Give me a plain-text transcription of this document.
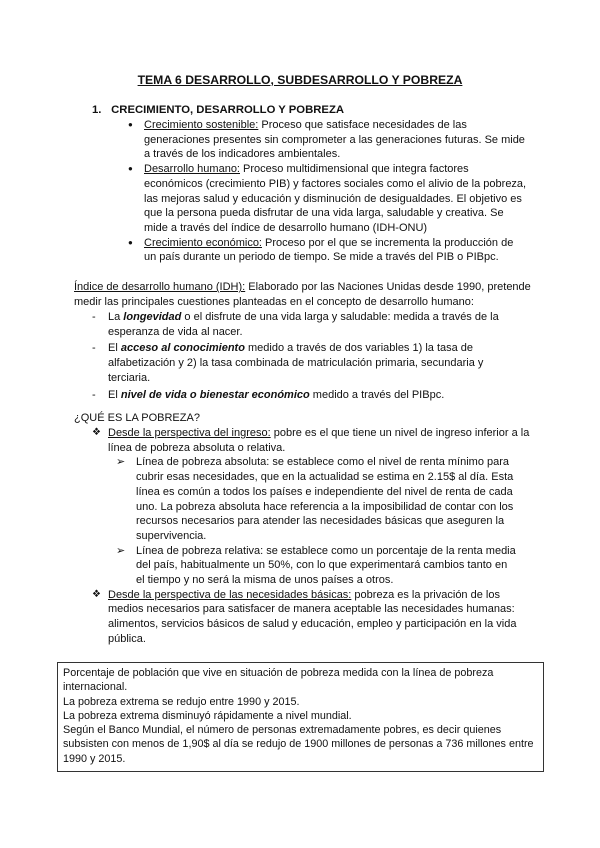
TEMA 6 DESARROLLO, SUBDESARROLLO Y POBREZA
1. CRECIMIENTO, DESARROLLO Y POBREZA
● Crecimiento sostenible: Proceso que satisface necesidades de las generaciones presentes sin comprometer a las generaciones futuras. Se mide a través de los indicadores ambientales.
● Desarrollo humano: Proceso multidimensional que integra factores económicos (crecimiento PIB) y factores sociales como el alivio de la pobreza, las mejoras salud y educación y disminución de desigualdades. El objetivo es que la persona pueda disfrutar de una vida larga, saludable y creativa. Se mide a través del índice de desarrollo humano (IDH-ONU)
● Crecimiento económico: Proceso por el que se incrementa la producción de un país durante un periodo de tiempo. Se mide a través del PIB o PIBpc.
Índice de desarrollo humano (IDH): Elaborado por las Naciones Unidas desde 1990, pretende medir las principales cuestiones planteadas en el concepto de desarrollo humano:
- La longevidad o el disfrute de una vida larga y saludable: medida a través de la esperanza de vida al nacer.
- El acceso al conocimiento medido a través de dos variables 1) la tasa de alfabetización y 2) la tasa combinada de matriculación primaria, secundaria y terciaria.
- El nivel de vida o bienestar económico medido a través del PIBpc.
¿QUÉ ES LA POBREZA?
❖ Desde la perspectiva del ingreso: pobre es el que tiene un nivel de ingreso inferior a la línea de pobreza absoluta o relativa.
➢ Línea de pobreza absoluta: se establece como el nivel de renta mínimo para cubrir esas necesidades, que en la actualidad se estima en 2.15$ al día. Esta línea es común a todos los países e independiente del nivel de renta de cada uno. La pobreza absoluta hace referencia a la imposibilidad de contar con los recursos necesarios para atender las necesidades básicas que aseguren la supervivencia.
➢ Línea de pobreza relativa: se establece como un porcentaje de la renta media del país, habitualmente un 50%, con lo que experimentará cambios tanto en el tiempo y no será la misma de unos países a otros.
❖ Desde la perspectiva de las necesidades básicas: pobreza es la privación de los medios necesarios para satisfacer de manera aceptable las necesidades humanas: alimentos, servicios básicos de salud y educación, empleo y participación en la vida pública.
Porcentaje de población que vive en situación de pobreza medida con la línea de pobreza internacional.
La pobreza extrema se redujo entre 1990 y 2015.
La pobreza extrema disminuyó rápidamente a nivel mundial.
Según el Banco Mundial, el número de personas extremadamente pobres, es decir quienes subsisten con menos de 1,90$ al día se redujo de 1900 millones de personas a 736 millones entre 1990 y 2015.
